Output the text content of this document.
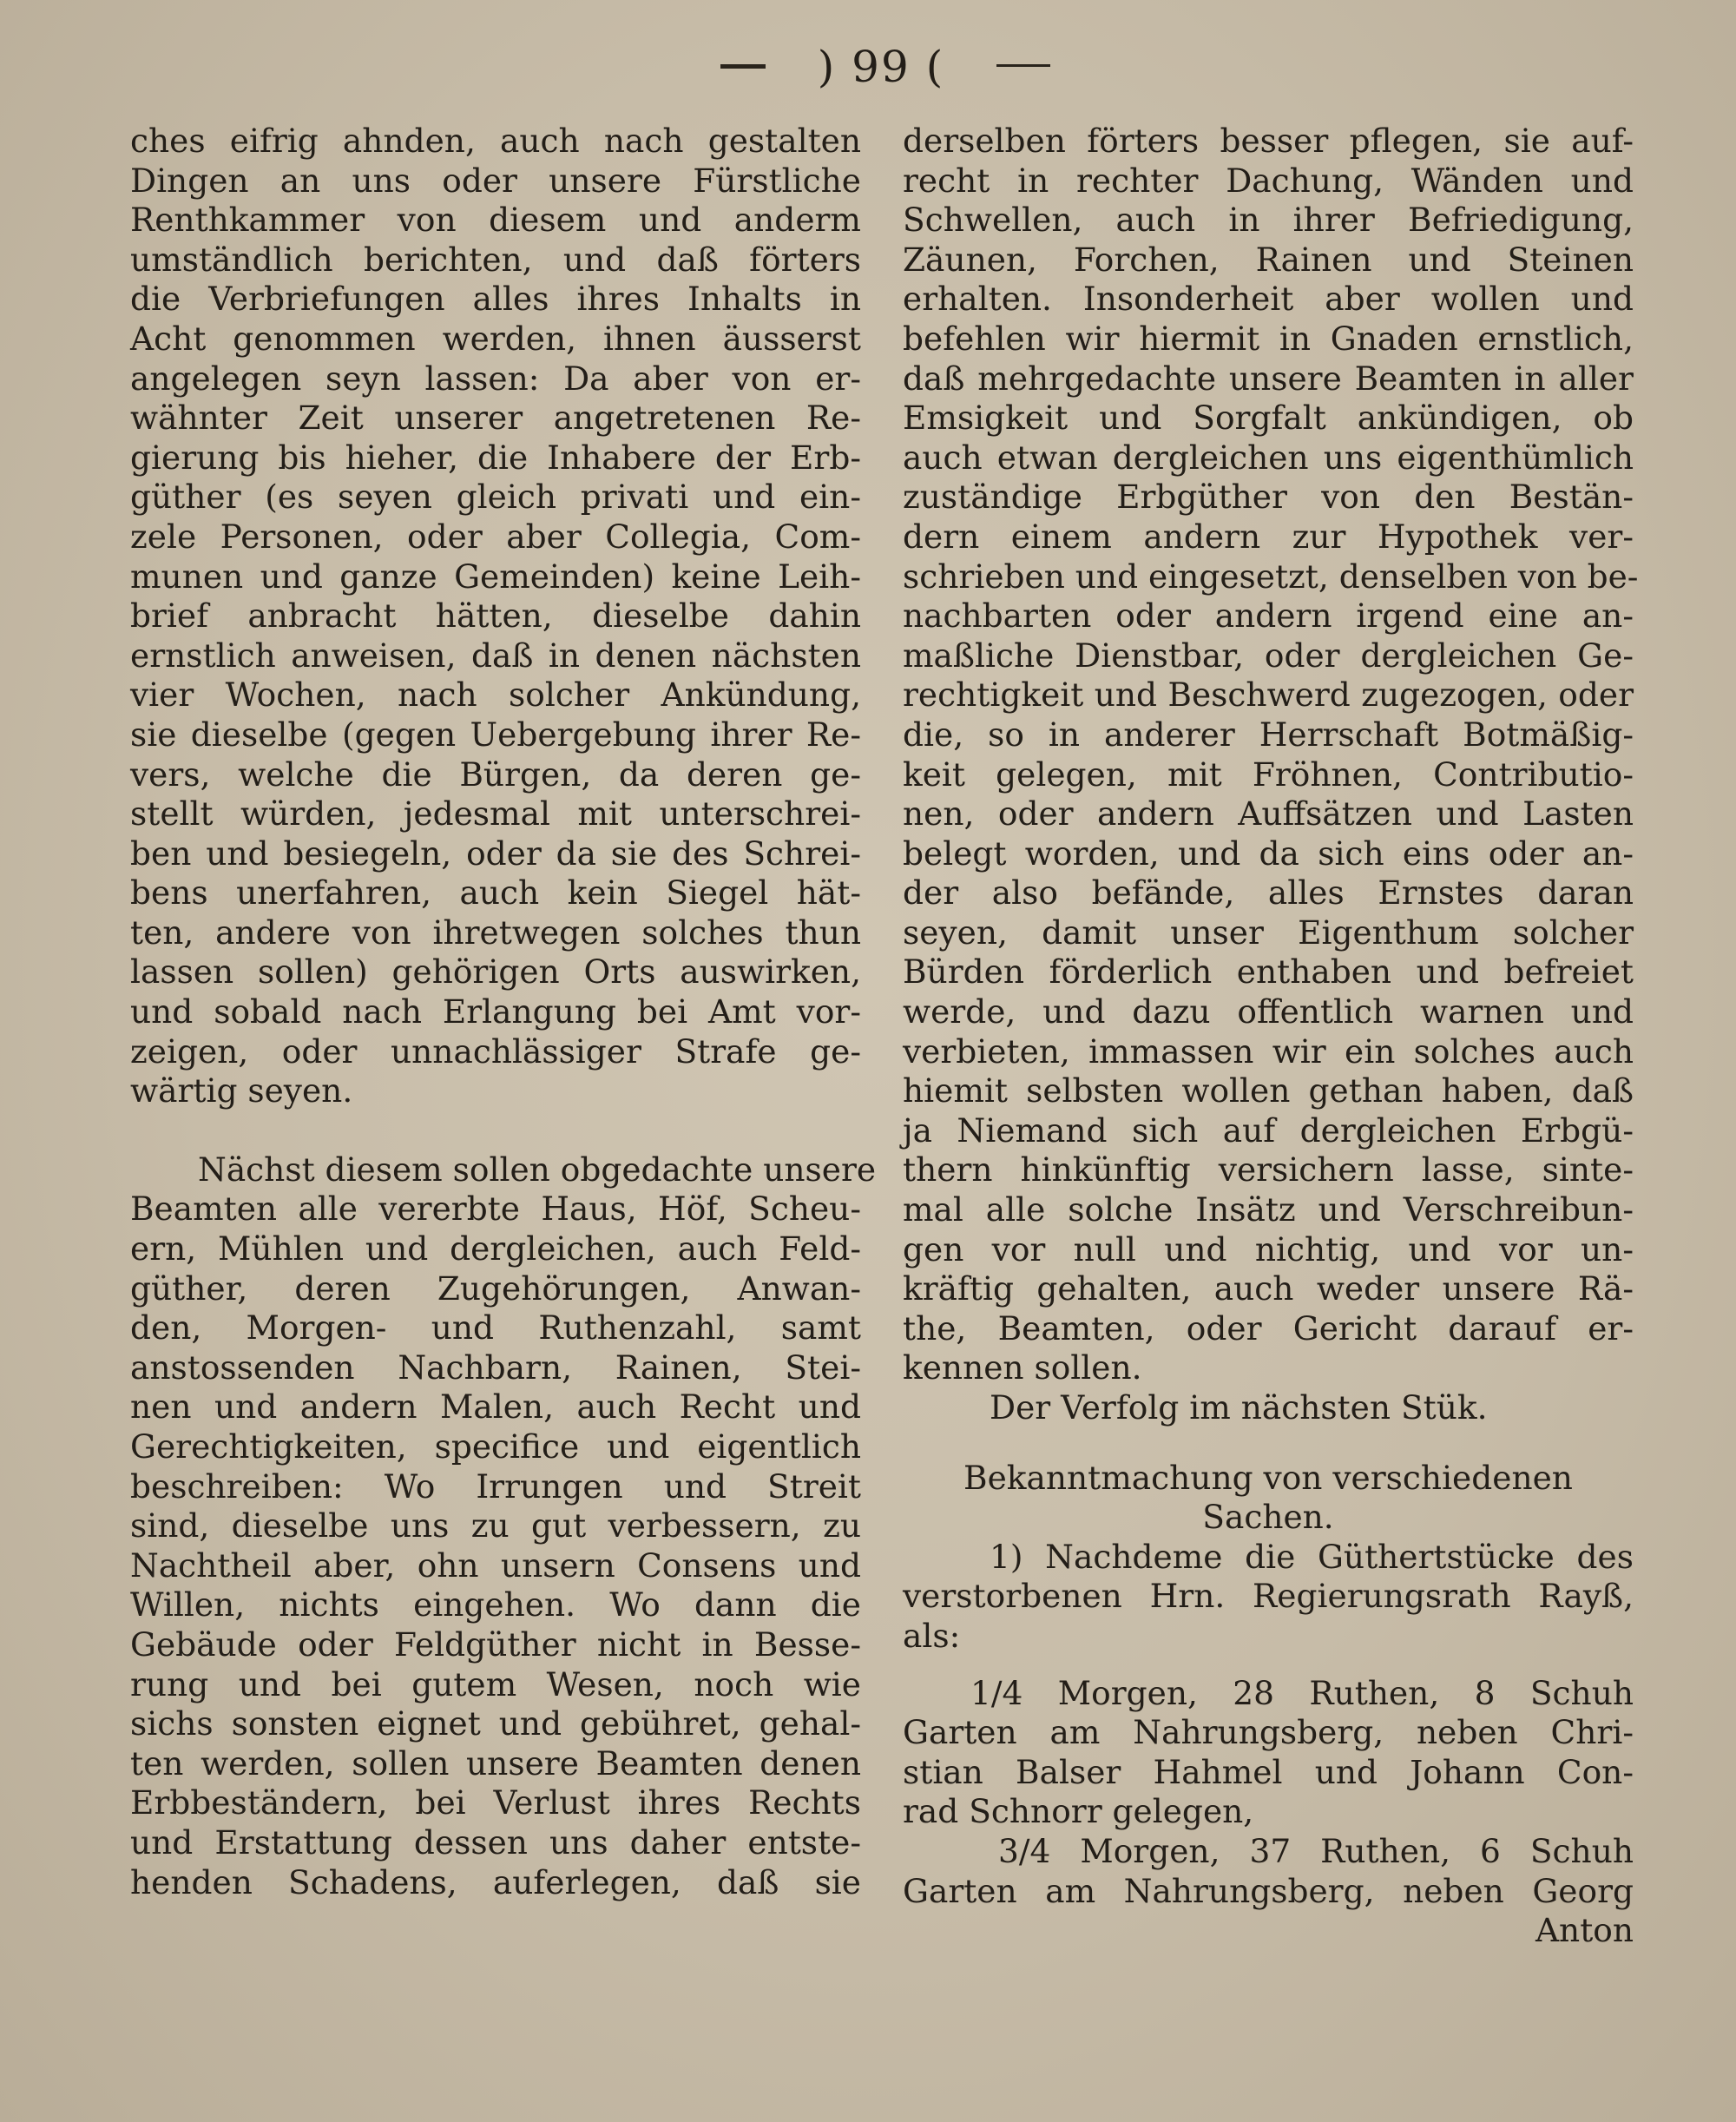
) 99 (
ches eifrig ahnden, auch nach gestalten
Dingen an uns oder unsere Fürstliche
Renthkammer von diesem und anderm
umständlich berichten, und daß förters
die Verbriefungen alles ihres Inhalts in
Acht genommen werden, ihnen äusserst
angelegen seyn lassen: Da aber von er-
wähnter Zeit unserer angetretenen Re-
gierung bis hieher, die Inhabere der Erb-
güther (es seyen gleich privati und ein-
zele Personen, oder aber Collegia, Com-
munen und ganze Gemeinden) keine Leih-
brief anbracht hätten, dieselbe dahin
ernstlich anweisen, daß in denen nächsten
vier Wochen, nach solcher Ankündung,
sie dieselbe (gegen Uebergebung ihrer Re-
vers, welche die Bürgen, da deren ge-
stellt würden, jedesmal mit unterschrei-
ben und besiegeln, oder da sie des Schrei-
bens unerfahren, auch kein Siegel hät-
ten, andere von ihretwegen solches thun
lassen sollen) gehörigen Orts auswirken,
und sobald nach Erlangung bei Amt vor-
zeigen, oder unnachlässiger Strafe ge-
wärtig seyen.
Nächst diesem sollen obgedachte unsere
Beamten alle vererbte Haus, Höf, Scheu-
ern, Mühlen und dergleichen, auch Feld-
güther, deren Zugehörungen, Anwan-
den, Morgen- und Ruthenzahl, samt
anstossenden Nachbarn, Rainen, Stei-
nen und andern Malen, auch Recht und
Gerechtigkeiten, specifice und eigentlich
beschreiben: Wo Irrungen und Streit
sind, dieselbe uns zu gut verbessern, zu
Nachtheil aber, ohn unsern Consens und
Willen, nichts eingehen. Wo dann die
Gebäude oder Feldgüther nicht in Besse-
rung und bei gutem Wesen, noch wie
sichs sonsten eignet und gebühret, gehal-
ten werden, sollen unsere Beamten denen
Erbbeständern, bei Verlust ihres Rechts
und Erstattung dessen uns daher entste-
henden Schadens, auferlegen, daß sie
derselben förters besser pflegen, sie auf-
recht in rechter Dachung, Wänden und
Schwellen, auch in ihrer Befriedigung,
Zäunen, Forchen, Rainen und Steinen
erhalten. Insonderheit aber wollen und
befehlen wir hiermit in Gnaden ernstlich,
daß mehrgedachte unsere Beamten in aller
Emsigkeit und Sorgfalt ankündigen, ob
auch etwan dergleichen uns eigenthümlich
zuständige Erbgüther von den Bestän-
dern einem andern zur Hypothek ver-
schrieben und eingesetzt, denselben von be-
nachbarten oder andern irgend eine an-
maßliche Dienstbar, oder dergleichen Ge-
rechtigkeit und Beschwerd zugezogen, oder
die, so in anderer Herrschaft Botmäßig-
keit gelegen, mit Fröhnen, Contributio-
nen, oder andern Auffsätzen und Lasten
belegt worden, und da sich eins oder an-
der also befände, alles Ernstes daran
seyen, damit unser Eigenthum solcher
Bürden förderlich enthaben und befreiet
werde, und dazu offentlich warnen und
verbieten, immassen wir ein solches auch
hiemit selbsten wollen gethan haben, daß
ja Niemand sich auf dergleichen Erbgü-
thern hinkünftig versichern lasse, sinte-
mal alle solche Insätz und Verschreibun-
gen vor null und nichtig, und vor un-
kräftig gehalten, auch weder unsere Rä-
the, Beamten, oder Gericht darauf er-
kennen sollen.
Der Verfolg im nächsten Stük.
Bekanntmachung von verschiedenen
Sachen.
1) Nachdeme die Güthertstücke des
verstorbenen Hrn. Regierungsrath Rayß,
als:
1/4 Morgen, 28 Ruthen, 8 Schuh
Garten am Nahrungsberg, neben Chri-
stian Balser Hahmel und Johann Con-
rad Schnorr gelegen,
3/4 Morgen, 37 Ruthen, 6 Schuh
Garten am Nahrungsberg, neben Georg
Anton
